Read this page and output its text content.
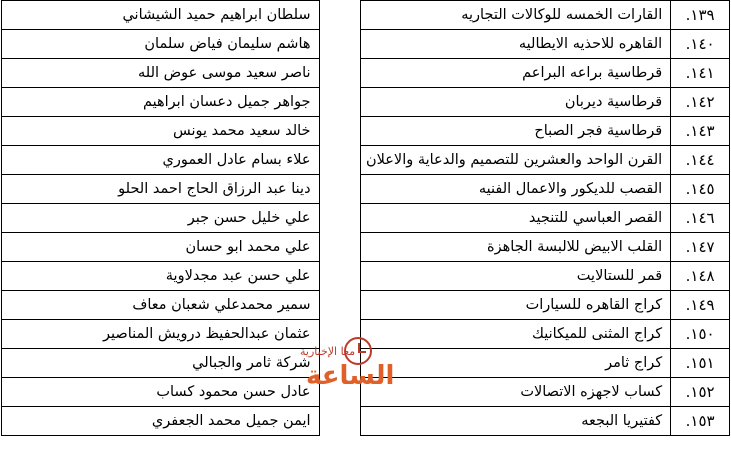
١٣٩.	القارات الخمسه للوكالات التجاريه		سلطان ابراهيم حميد الشيشاني
١٤٠.	القاهره للاحذيه الايطاليه		هاشم سليمان فياض سلمان
١٤١.	قرطاسية براعه البراعم		ناصر سعيد موسى عوض الله
١٤٢.	قرطاسية ديربان		جواهر جميل دعسان ابراهيم
١٤٣.	قرطاسية فجر الصباح		خالد سعيد محمد يونس
١٤٤.	القرن الواحد والعشرين للتصميم والدعاية والاعلان		علاء بسام عادل العموري
١٤٥.	القصب للديكور والاعمال الفنيه		دينا عبد الرزاق الحاج احمد الحلو
١٤٦.	القصر العباسي للتنجيد		علي خليل حسن جبر
١٤٧.	القلب الابيض للالبسة الجاهزة		علي محمد ابو حسان
١٤٨.	قمر للستالايت		علي حسن عبد مجدلاوية
١٤٩.	كراج القاهره للسيارات		سمير محمدعلي شعبان معاف
١٥٠.	كراج المثنى للميكانيك		عثمان عبدالحفيظ درويش المناصير
١٥١.	كراج ثامر		شركة ثامر والجبالي
١٥٢.	كساب لاجهزه الاتصالات		عادل حسن محمود كساب
١٥٣.	كفتيريا البجعه		ايمن جميل محمد الجعفري
معا الإخبارية
الساعة
